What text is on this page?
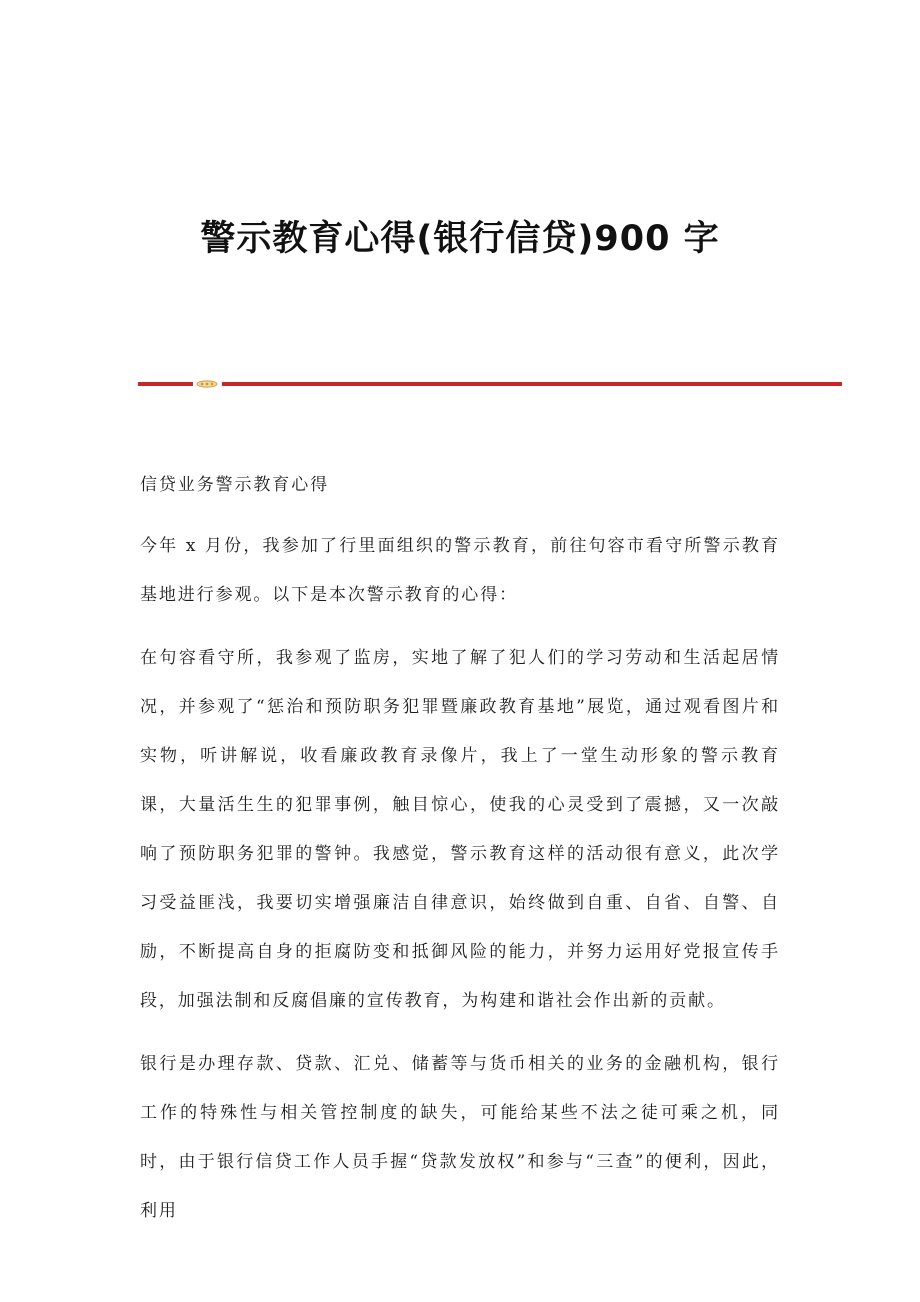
警示教育心得(银行信贷)900 字

信贷业务警示教育心得

今年 x 月份，我参加了行里面组织的警示教育，前往句容市看守所警示教育基地进行参观。以下是本次警示教育的心得：

在句容看守所，我参观了监房，实地了解了犯人们的学习劳动和生活起居情况，并参观了“惩治和预防职务犯罪暨廉政教育基地”展览，通过观看图片和实物，听讲解说，收看廉政教育录像片，我上了一堂生动形象的警示教育课，大量活生生的犯罪事例，触目惊心，使我的心灵受到了震撼，又一次敲响了预防职务犯罪的警钟。我感觉，警示教育这样的活动很有意义，此次学习受益匪浅，我要切实增强廉洁自律意识，始终做到自重、自省、自警、自励，不断提高自身的拒腐防变和抵御风险的能力，并努力运用好党报宣传手段，加强法制和反腐倡廉的宣传教育，为构建和谐社会作出新的贡献。

银行是办理存款、贷款、汇兑、储蓄等与货币相关的业务的金融机构，银行工作的特殊性与相关管控制度的缺失，可能给某些不法之徒可乘之机，同时，由于银行信贷工作人员手握“贷款发放权”和参与“三查”的便利，因此，利用
